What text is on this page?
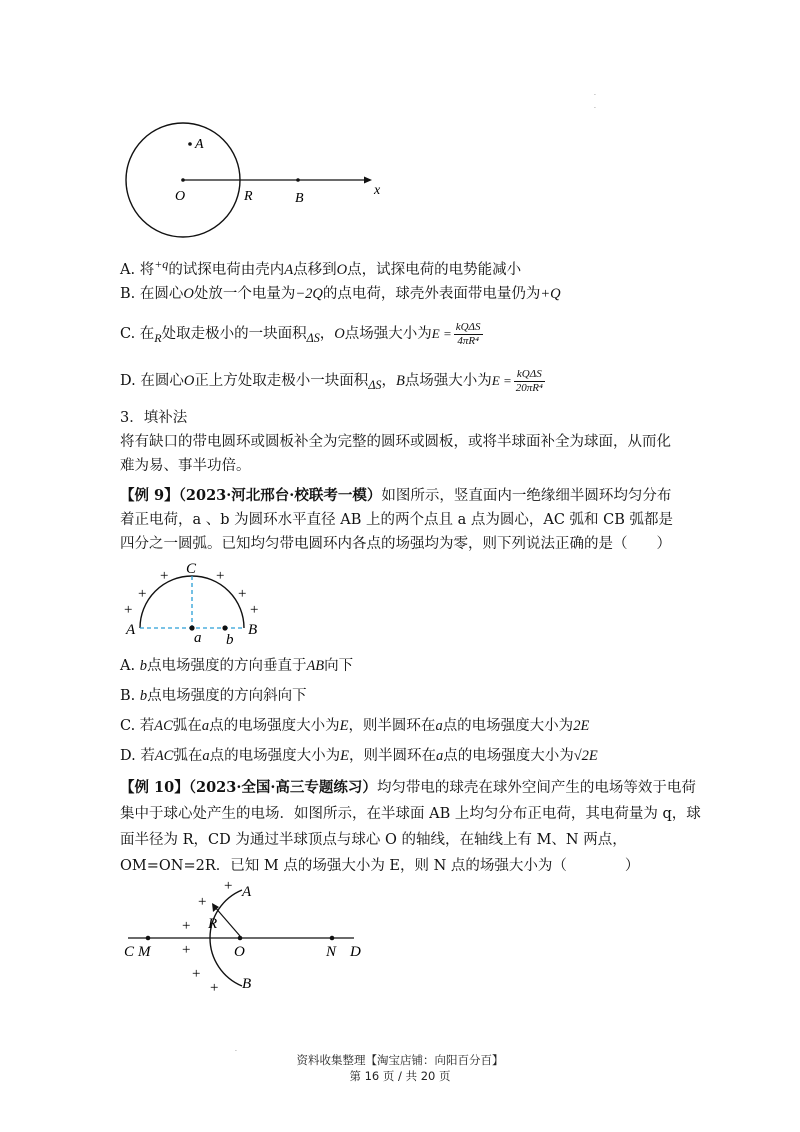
.
.
A
O	R	B
x
A. 将$^{+q}$的试探电荷由壳内A点移到O点，试探电荷的电势能减小
B. 在圆心O处放一个电量为−2Q的点电荷，球壳外表面带电量仍为+Q
C. 在$_R$处取走极小的一块面积$_{\Delta S}$，O点场强大小为$E = \frac{\text{kQΔS}}{\text{4πR⁴}}$
D. 在圆心O正上方处取走极小一块面积$_{\Delta S}$，B点场强大小为$E = \frac{\text{kQΔS}}{\text{20πR⁴}}$
3．填补法
将有缺口的带电圆环或圆板补全为完整的圆环或圆板，或将半球面补全为球面，从而化难为易、事半功倍。
【例 9】（2023·河北邢台·校联考一模）如图所示，竖直面内一绝缘细半圆环均匀分布着正电荷，a 、b 为圆环水平直径 AB 上的两个点且 a 点为圆心，AC 弧和 CB 弧都是四分之一圆弧。已知均匀带电圆环内各点的场强均为零，则下列说法正确的是（　　）
C
A	B
a b
+
+
+	+
+
+
A. b点电场强度的方向垂直于AB向下
B. b点电场强度的方向斜向下
C. 若AC弧在a点的电场强度大小为E，则半圆环在a点的电场强度大小为2E
D. 若AC弧在a点的电场强度大小为E，则半圆环在a点的电场强度大小为√2E
【例 10】（2023·全国·高三专题练习）均匀带电的球壳在球外空间产生的电场等效于电荷
集中于球心处产生的电场．如图所示，在半球面 AB 上均匀分布正电荷，其电荷量为 q，球
面半径为 R，CD 为通过半球顶点与球心 O 的轴线，在轴线上有 M、N 两点，
OM=ON=2R．已知 M 点的场强大小为 E，则 N 点的场强大小为（　　　　）
A
B
R
C M	O	N D
+
+
+
+
+
+
.
资料收集整理【淘宝店铺：向阳百分百】
第 16 页 / 共 20 页
